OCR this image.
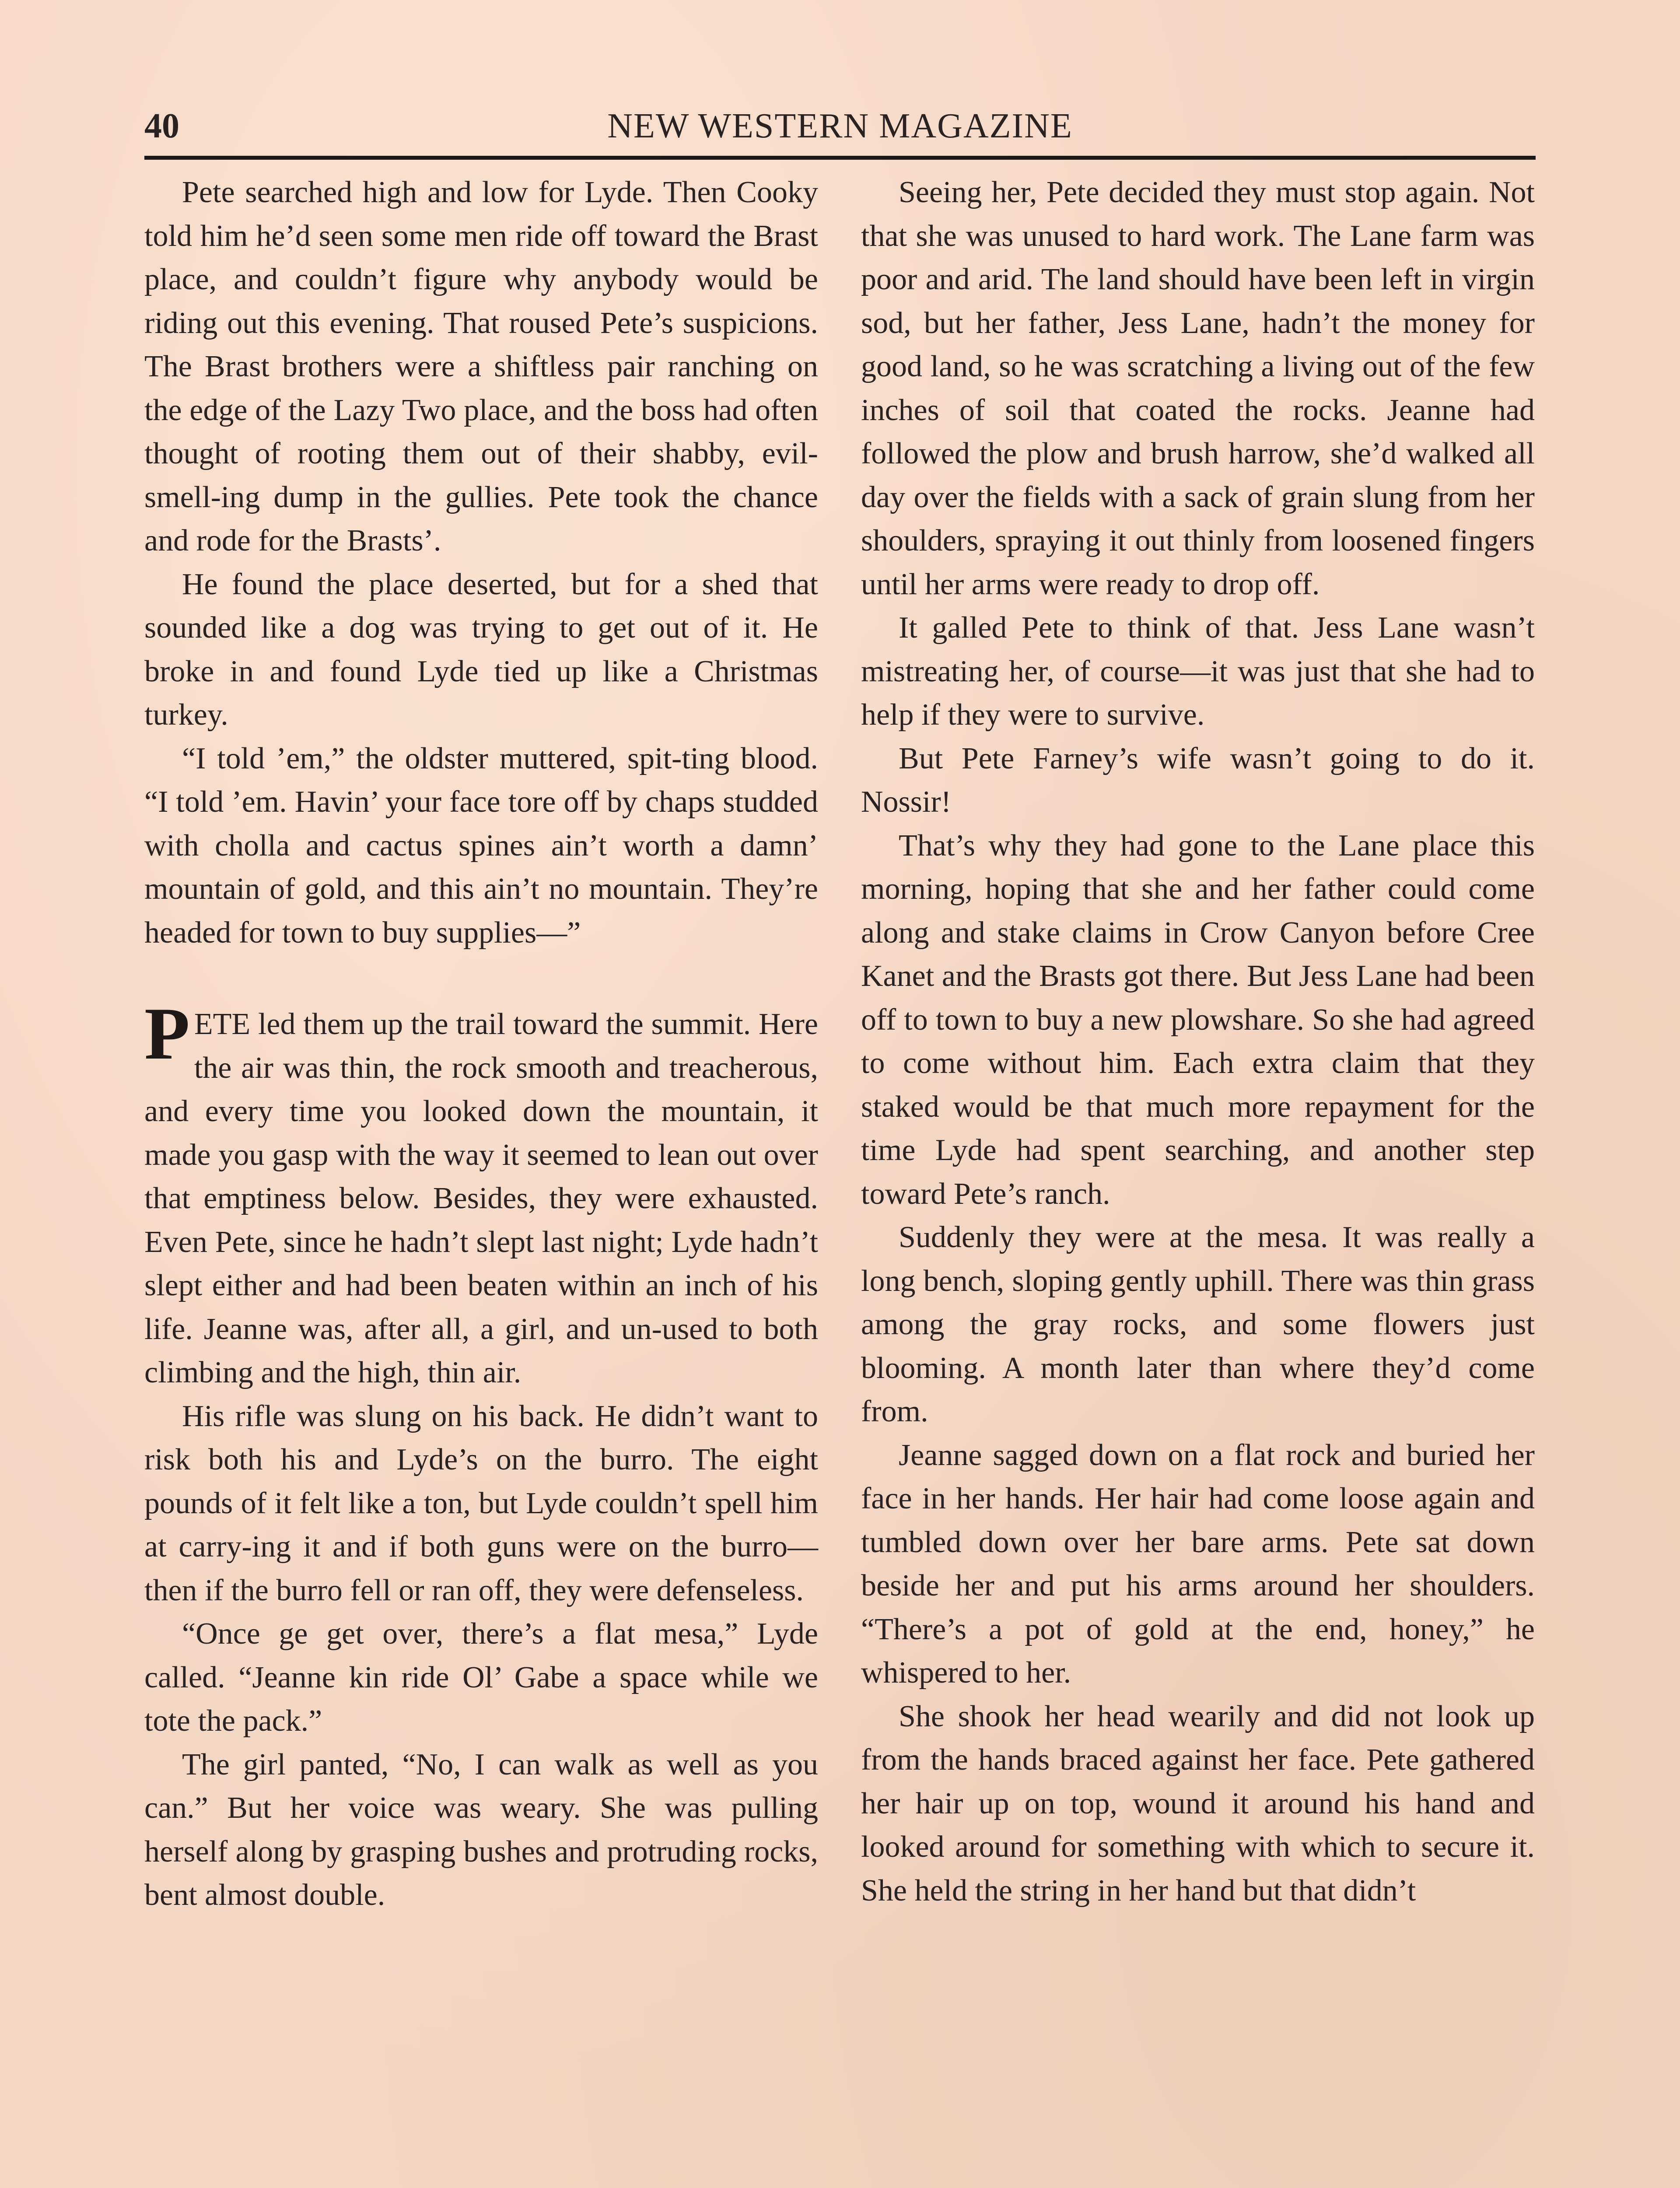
40	NEW WESTERN MAGAZINE

Pete searched high and low for Lyde. Then Cooky told him he’d seen some men ride off toward the Brast place, and couldn’t figure why anybody would be riding out this evening. That roused Pete’s suspicions. The Brast brothers were a shiftless pair ranching on the edge of the Lazy Two place, and the boss had often thought of rooting them out of their shabby, evil-smell-ing dump in the gullies. Pete took the chance and rode for the Brasts’.

He found the place deserted, but for a shed that sounded like a dog was trying to get out of it. He broke in and found Lyde tied up like a Christmas turkey.

“I told ’em,” the oldster muttered, spit-ting blood. “I told ’em. Havin’ your face tore off by chaps studded with cholla and cactus spines ain’t worth a damn’ mountain of gold, and this ain’t no mountain. They’re headed for town to buy supplies—”

PETE led them up the trail toward the summit. Here the air was thin, the rock smooth and treacherous, and every time you looked down the mountain, it made you gasp with the way it seemed to lean out over that emptiness below. Besides, they were exhausted. Even Pete, since he hadn’t slept last night; Lyde hadn’t slept either and had been beaten within an inch of his life. Jeanne was, after all, a girl, and un-used to both climbing and the high, thin air.

His rifle was slung on his back. He didn’t want to risk both his and Lyde’s on the burro. The eight pounds of it felt like a ton, but Lyde couldn’t spell him at carry-ing it and if both guns were on the burro—then if the burro fell or ran off, they were defenseless.

“Once ge get over, there’s a flat mesa,” Lyde called. “Jeanne kin ride Ol’ Gabe a space while we tote the pack.”

The girl panted, “No, I can walk as well as you can.” But her voice was weary. She was pulling herself along by grasping bushes and protruding rocks, bent almost double.

Seeing her, Pete decided they must stop again. Not that she was unused to hard work. The Lane farm was poor and arid. The land should have been left in virgin sod, but her father, Jess Lane, hadn’t the money for good land, so he was scratching a living out of the few inches of soil that coated the rocks. Jeanne had followed the plow and brush harrow, she’d walked all day over the fields with a sack of grain slung from her shoulders, spraying it out thinly from loosened fingers until her arms were ready to drop off.

It galled Pete to think of that. Jess Lane wasn’t mistreating her, of course—it was just that she had to help if they were to survive.

But Pete Farney’s wife wasn’t going to do it. Nossir!

That’s why they had gone to the Lane place this morning, hoping that she and her father could come along and stake claims in Crow Canyon before Cree Kanet and the Brasts got there. But Jess Lane had been off to town to buy a new plowshare. So she had agreed to come without him. Each extra claim that they staked would be that much more repayment for the time Lyde had spent searching, and another step toward Pete’s ranch.

Suddenly they were at the mesa. It was really a long bench, sloping gently uphill. There was thin grass among the gray rocks, and some flowers just blooming. A month later than where they’d come from.

Jeanne sagged down on a flat rock and buried her face in her hands. Her hair had come loose again and tumbled down over her bare arms. Pete sat down beside her and put his arms around her shoulders. “There’s a pot of gold at the end, honey,” he whispered to her.

She shook her head wearily and did not look up from the hands braced against her face. Pete gathered her hair up on top, wound it around his hand and looked around for something with which to secure it. She held the string in her hand but that didn’t
